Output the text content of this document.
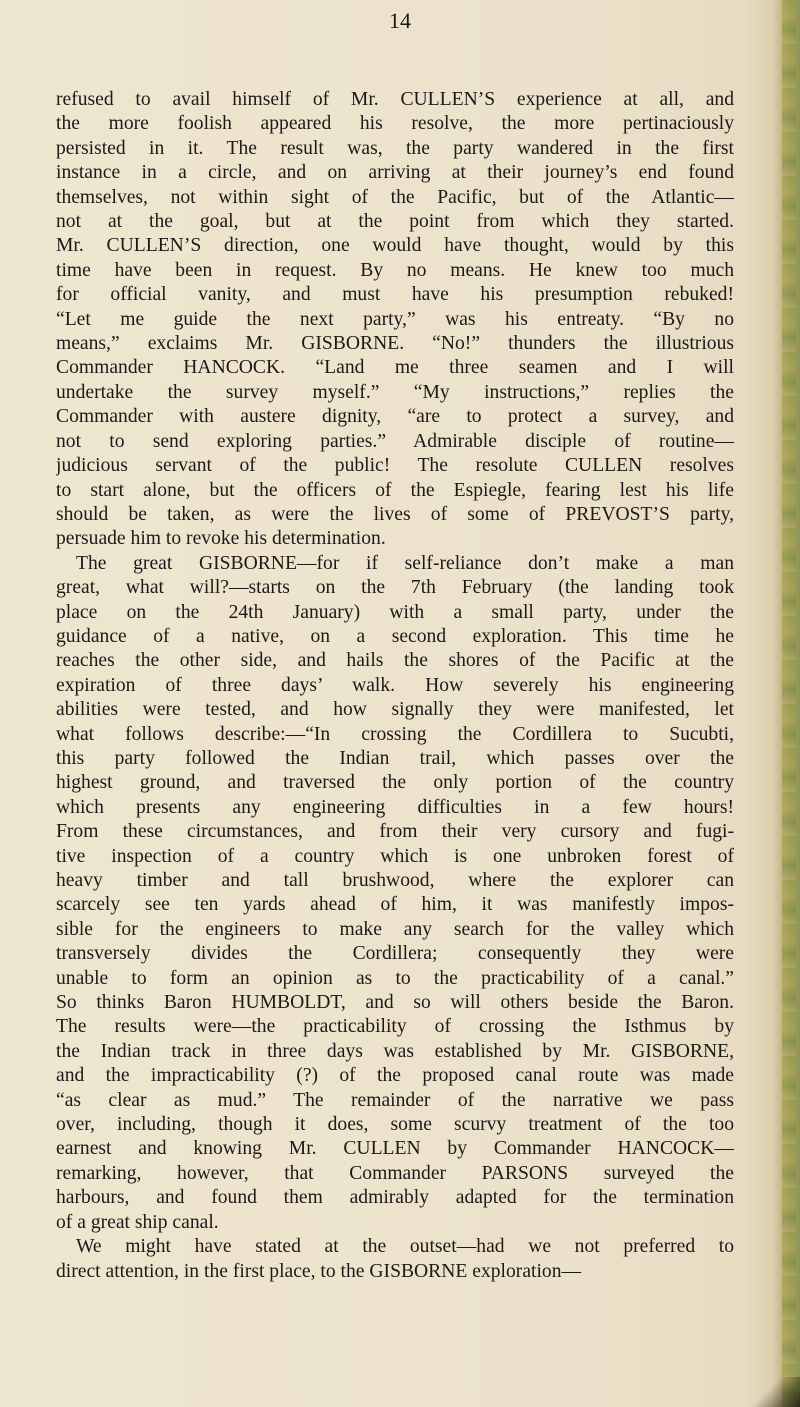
14
refused to avail himself of Mr. CULLEN’S experience at all, and
the more foolish appeared his resolve, the more pertinaciously
persisted in it. The result was, the party wandered in the first
instance in a circle, and on arriving at their journey’s end found
themselves, not within sight of the Pacific, but of the Atlantic—
not at the goal, but at the point from which they started.
Mr. CULLEN’S direction, one would have thought, would by this
time have been in request. By no means. He knew too much
for official vanity, and must have his presumption rebuked!
“Let me guide the next party,” was his entreaty. “By no
means,” exclaims Mr. GISBORNE. “No!” thunders the illustrious
Commander HANCOCK. “Land me three seamen and I will
undertake the survey myself.” “My instructions,” replies the
Commander with austere dignity, “are to protect a survey, and
not to send exploring parties.” Admirable disciple of routine—
judicious servant of the public! The resolute CULLEN resolves
to start alone, but the officers of the Espiegle, fearing lest his life
should be taken, as were the lives of some of PREVOST’S party,
persuade him to revoke his determination.
The great GISBORNE—for if self-reliance don’t make a man
great, what will?—starts on the 7th February (the landing took
place on the 24th January) with a small party, under the
guidance of a native, on a second exploration. This time he
reaches the other side, and hails the shores of the Pacific at the
expiration of three days’ walk. How severely his engineering
abilities were tested, and how signally they were manifested, let
what follows describe:—“In crossing the Cordillera to Sucubti,
this party followed the Indian trail, which passes over the
highest ground, and traversed the only portion of the country
which presents any engineering difficulties in a few hours!
From these circumstances, and from their very cursory and fugi-
tive inspection of a country which is one unbroken forest of
heavy timber and tall brushwood, where the explorer can
scarcely see ten yards ahead of him, it was manifestly impos-
sible for the engineers to make any search for the valley which
transversely divides the Cordillera; consequently they were
unable to form an opinion as to the practicability of a canal.”
So thinks Baron HUMBOLDT, and so will others beside the Baron.
The results were—the practicability of crossing the Isthmus by
the Indian track in three days was established by Mr. GISBORNE,
and the impracticability (?) of the proposed canal route was made
“as clear as mud.” The remainder of the narrative we pass
over, including, though it does, some scurvy treatment of the too
earnest and knowing Mr. CULLEN by Commander HANCOCK—
remarking, however, that Commander PARSONS surveyed the
harbours, and found them admirably adapted for the termination
of a great ship canal.
We might have stated at the outset—had we not preferred to
direct attention, in the first place, to the GISBORNE exploration—
